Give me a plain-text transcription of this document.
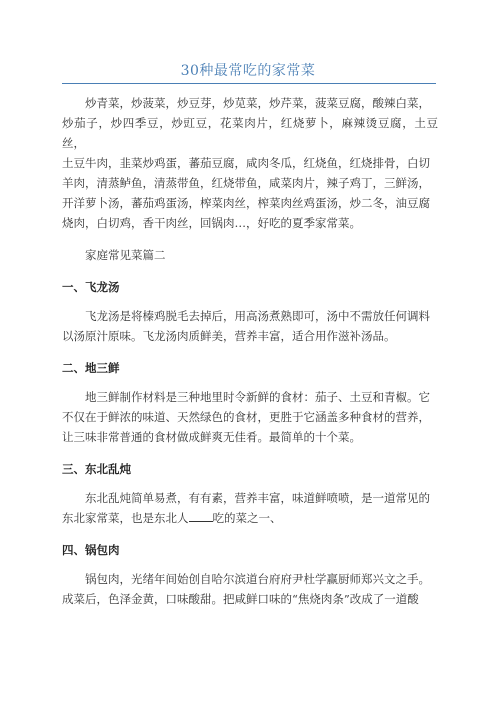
30种最常吃的家常菜

炒青菜，炒菠菜，炒豆芽，炒苋菜，炒芹菜，菠菜豆腐，酸辣白菜，

炒茄子，炒四季豆，炒豇豆，花菜肉片，红烧萝卜，麻辣烫豆腐，土豆丝，

土豆牛肉，韭菜炒鸡蛋，蕃茄豆腐，咸肉冬瓜，红烧鱼，红烧排骨，白切

羊肉，清蒸鲈鱼，清蒸带鱼，红烧带鱼，咸菜肉片，辣子鸡丁，三鲜汤，

开洋萝卜汤，蕃茄鸡蛋汤，榨菜肉丝，榨菜肉丝鸡蛋汤，炒二冬，油豆腐

烧肉，白切鸡，香干肉丝，回锅肉…，好吃的夏季家常菜。

家庭常见菜篇二

一、飞龙汤

飞龙汤是将榛鸡脱毛去掉后，用高汤煮熟即可，汤中不需放任何调料

以汤原汁原味。飞龙汤肉质鲜美，营养丰富，适合用作滋补汤品。

二、地三鲜

地三鲜制作材料是三种地里时令新鲜的食材：茄子、土豆和青椒。它

不仅在于鲜浓的味道、天然绿色的食材，更胜于它涵盖多种食材的营养，

让三味非常普通的食材做成鲜爽无佳肴。最简单的十个菜。

三、东北乱炖

东北乱炖简单易煮，有有素，营养丰富，味道鲜喷喷，是一道常见的

东北家常菜，也是东北人 吃的菜之一、

四、锅包肉

锅包肉，光绪年间始创自哈尔滨道台府府尹杜学赢厨师郑兴文之手。

成菜后，色泽金黄，口味酸甜。把咸鲜口味的“焦烧肉条”改成了一道酸
